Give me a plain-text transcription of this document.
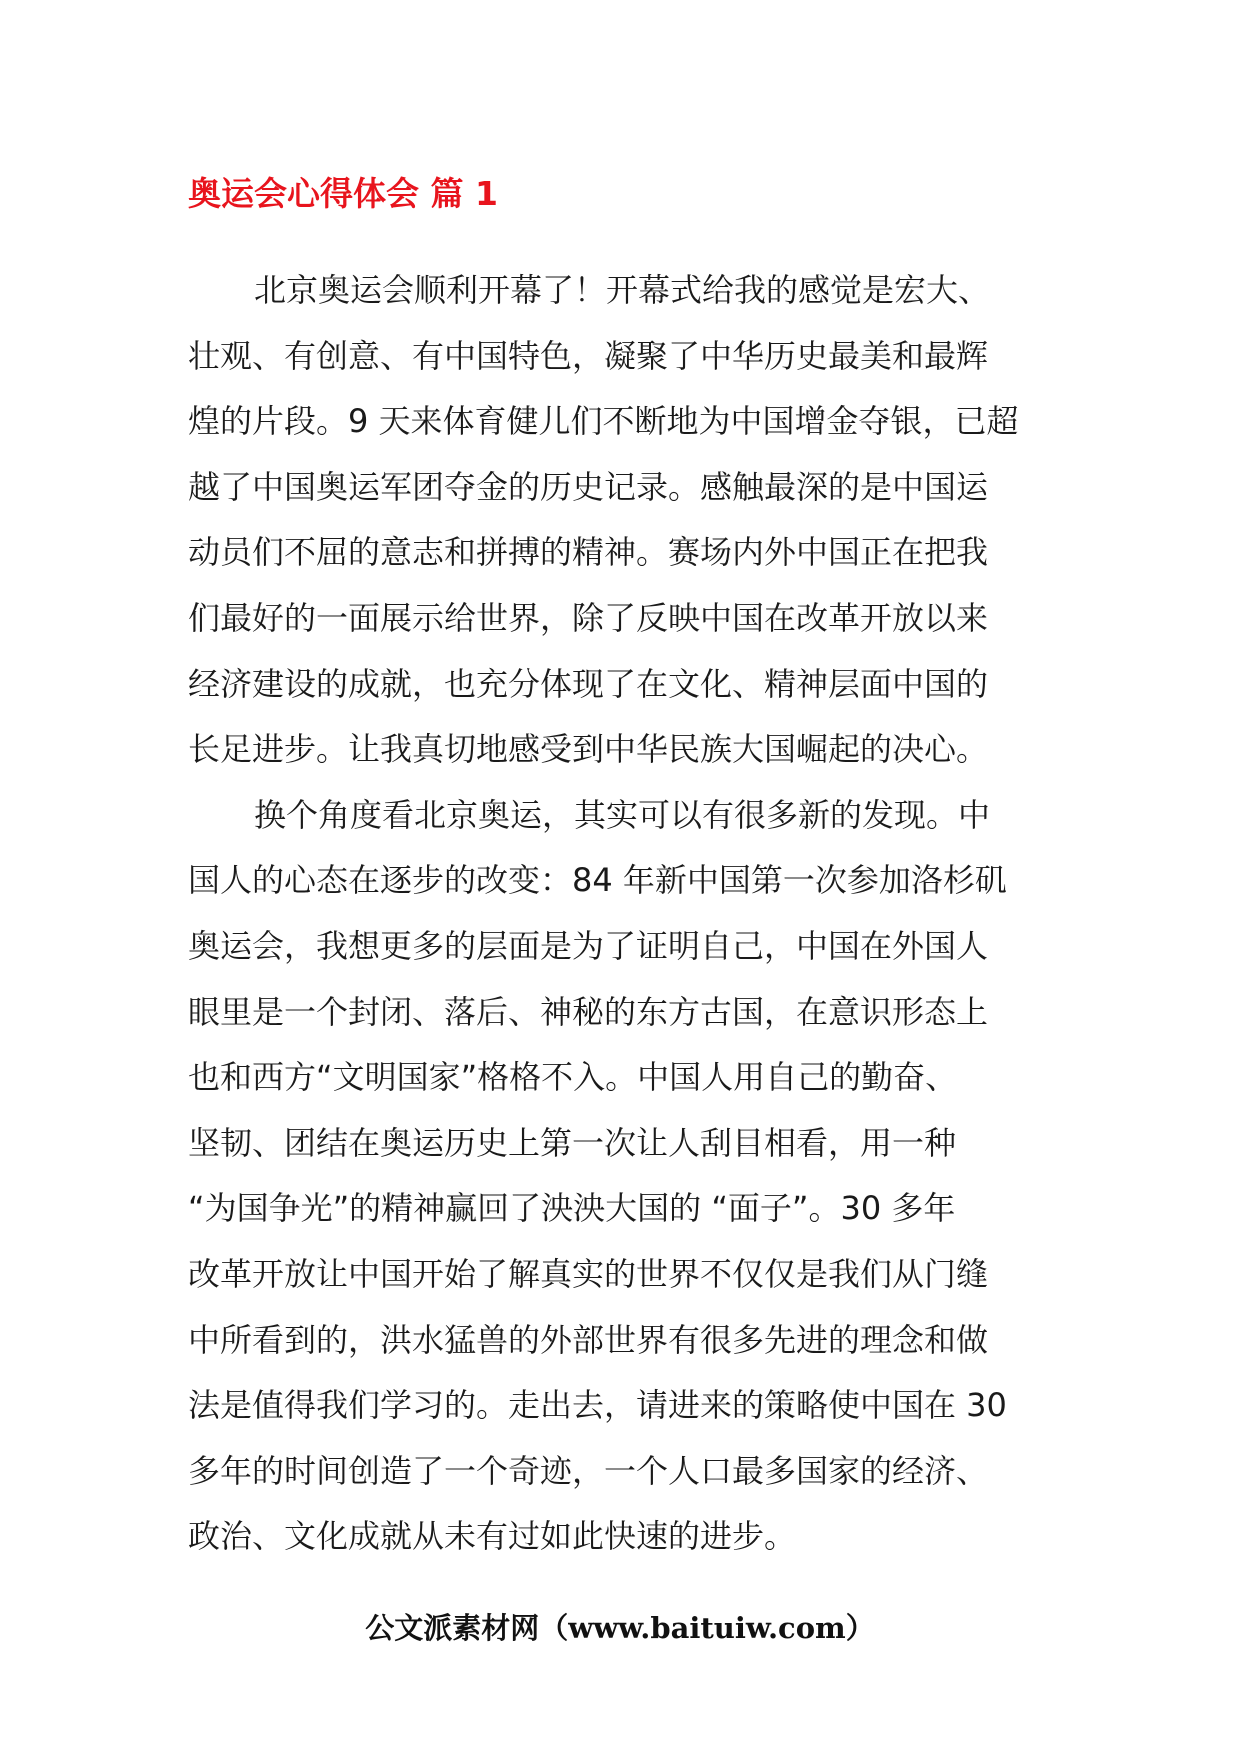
奥运会心得体会 篇 1
北京奥运会顺利开幕了！开幕式给我的感觉是宏大、
壮观、有创意、有中国特色，凝聚了中华历史最美和最辉
煌的片段。9 天来体育健儿们不断地为中国增金夺银，已超
越了中国奥运军团夺金的历史记录。感触最深的是中国运
动员们不屈的意志和拼搏的精神。赛场内外中国正在把我
们最好的一面展示给世界，除了反映中国在改革开放以来
经济建设的成就，也充分体现了在文化、精神层面中国的
长足进步。让我真切地感受到中华民族大国崛起的决心。
换个角度看北京奥运，其实可以有很多新的发现。中
国人的心态在逐步的改变：84 年新中国第一次参加洛杉矶
奥运会，我想更多的层面是为了证明自己，中国在外国人
眼里是一个封闭、落后、神秘的东方古国，在意识形态上
也和西方“文明国家”格格不入。中国人用自己的勤奋、
坚韧、团结在奥运历史上第一次让人刮目相看，用一种
“为国争光”的精神赢回了泱泱大国的 “面子”。30 多年
改革开放让中国开始了解真实的世界不仅仅是我们从门缝
中所看到的，洪水猛兽的外部世界有很多先进的理念和做
法是值得我们学习的。走出去，请进来的策略使中国在 30
多年的时间创造了一个奇迹，一个人口最多国家的经济、
政治、文化成就从未有过如此快速的进步。
公文派素材网（www.baituiw.com）
